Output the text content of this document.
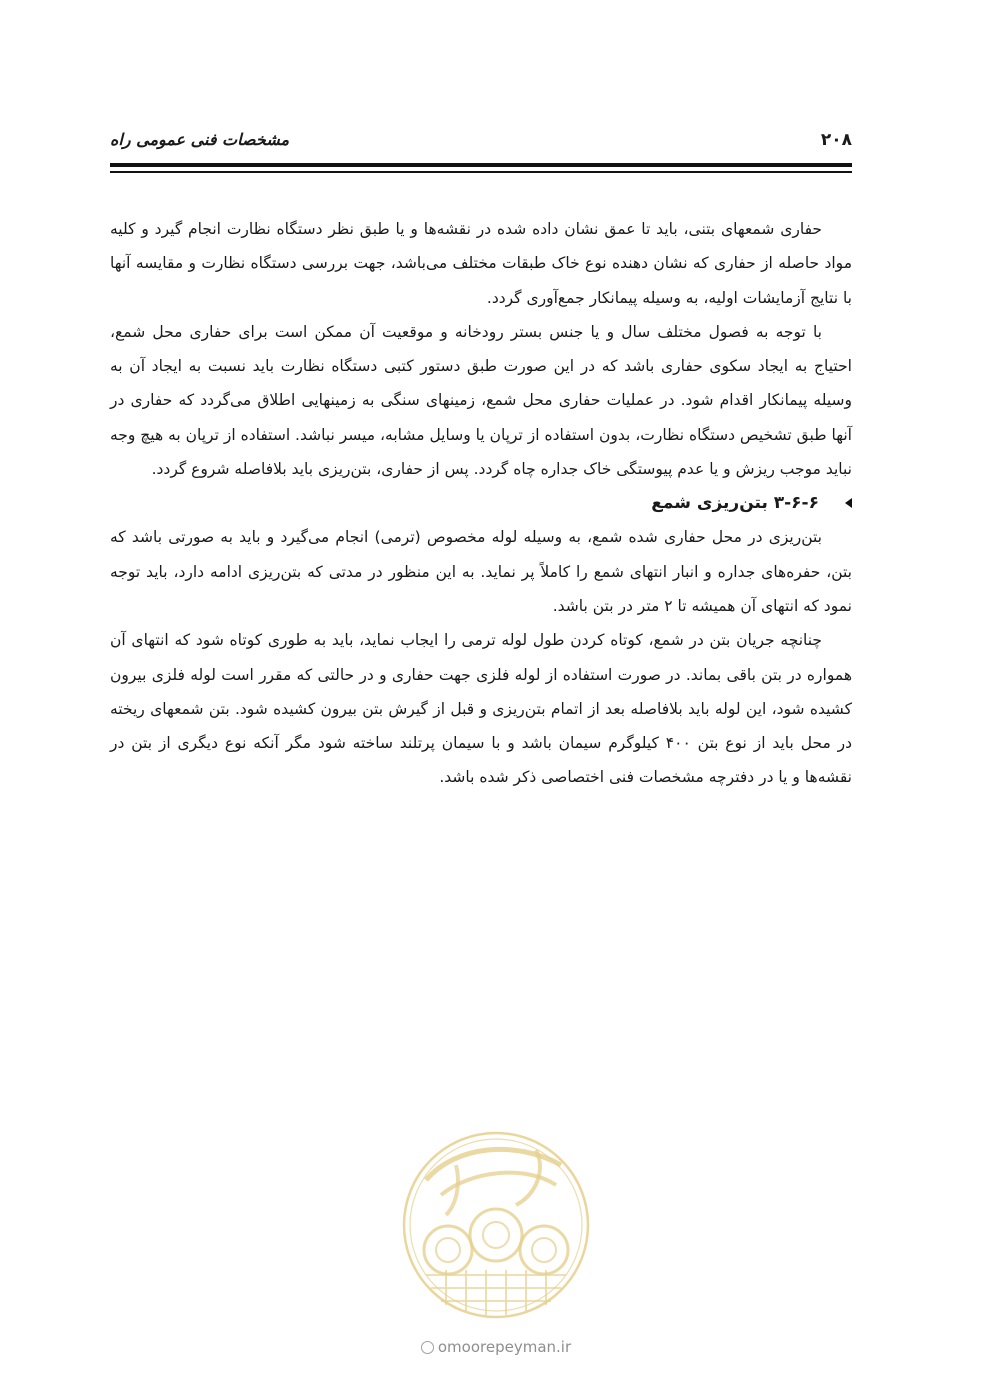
۲۰۸
مشخصات فنی عمومی راه

حفاری شمعهای بتنی، باید تا عمق نشان داده شده در نقشه‌ها و یا طبق نظر دستگاه نظارت انجام گیرد و کلیه مواد حاصله از حفاری که نشان دهنده نوع خاک طبقات مختلف می‌باشد، جهت بررسی دستگاه نظارت و مقایسه آنها با نتایج آزمایشات اولیه، به وسیله پیمانکار جمع‌آوری گردد.

با توجه به فصول مختلف سال و یا جنس بستر رودخانه و موقعیت آن ممکن است برای حفاری محل شمع، احتیاج به ایجاد سکوی حفاری باشد که در این صورت طبق دستور کتبی دستگاه نظارت باید نسبت به ایجاد آن به وسیله پیمانکار اقدام شود. در عملیات حفاری محل شمع، زمینهای سنگی به زمینهایی اطلاق می‌گردد که حفاری در آنها طبق تشخیص دستگاه نظارت، بدون استفاده از ترپان یا وسایل مشابه، میسر نباشد. استفاده از ترپان به هیچ وجه نباید موجب ریزش و یا عدم پیوستگی خاک جداره چاه گردد. پس از حفاری، بتن‌ریزی باید بلافاصله شروع گردد.

۳-۶-۶ بتن‌ریزی شمع

بتن‌ریزی در محل حفاری شده شمع، به وسیله لوله مخصوص (ترمی) انجام می‌گیرد و باید به صورتی باشد که بتن، حفره‌های جداره و انبار انتهای شمع را کاملاً پر نماید. به این منظور در مدتی که بتن‌ریزی ادامه دارد، باید توجه نمود که انتهای آن همیشه تا ۲ متر در بتن باشد.

چنانچه جریان بتن در شمع، کوتاه کردن طول لوله ترمی را ایجاب نماید، باید به طوری کوتاه شود که انتهای آن همواره در بتن باقی بماند. در صورت استفاده از لوله فلزی جهت حفاری و در حالتی که مقرر است لوله فلزی بیرون کشیده شود، این لوله باید بلافاصله بعد از اتمام بتن‌ریزی و قبل از گیرش بتن بیرون کشیده شود. بتن شمعهای ریخته در محل باید از نوع بتن ۴۰۰ کیلوگرم سیمان باشد و با سیمان پرتلند ساخته شود مگر آنکه نوع دیگری از بتن در نقشه‌ها و یا در دفترچه مشخصات فنی اختصاصی ذکر شده باشد.

omoorepeyman.ir
